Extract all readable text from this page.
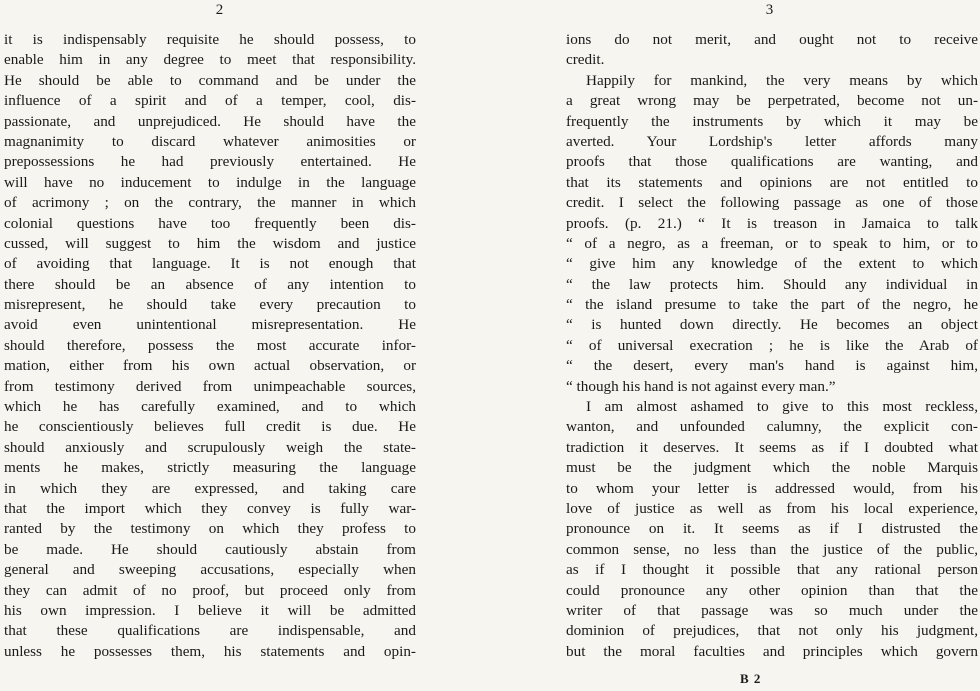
2
it is indispensably requisite he should possess, to
enable him in any degree to meet that responsibility.
He should be able to command and be under the
influence of a spirit and of a temper, cool, dis-
passionate, and unprejudiced. He should have the
magnanimity to discard whatever animosities or
prepossessions he had previously entertained. He
will have no inducement to indulge in the language
of acrimony ; on the contrary, the manner in which
colonial questions have too frequently been dis-
cussed, will suggest to him the wisdom and justice
of avoiding that language. It is not enough that
there should be an absence of any intention to
misrepresent, he should take every precaution to
avoid even unintentional misrepresentation. He
should therefore, possess the most accurate infor-
mation, either from his own actual observation, or
from testimony derived from unimpeachable sources,
which he has carefully examined, and to which
he conscientiously believes full credit is due. He
should anxiously and scrupulously weigh the state-
ments he makes, strictly measuring the language
in which they are expressed, and taking care
that the import which they convey is fully war-
ranted by the testimony on which they profess to
be made. He should cautiously abstain from
general and sweeping accusations, especially when
they can admit of no proof, but proceed only from
his own impression. I believe it will be admitted
that these qualifications are indispensable, and
unless he possesses them, his statements and opin-
3
ions do not merit, and ought not to receive
credit.
Happily for mankind, the very means by which
a great wrong may be perpetrated, become not un-
frequently the instruments by which it may be
averted. Your Lordship's letter affords many
proofs that those qualifications are wanting, and
that its statements and opinions are not entitled to
credit. I select the following passage as one of those
proofs. (p. 21.) “ It is treason in Jamaica to talk
“ of a negro, as a freeman, or to speak to him, or to
“ give him any knowledge of the extent to which
“ the law protects him. Should any individual in
“ the island presume to take the part of the negro, he
“ is hunted down directly. He becomes an object
“ of universal execration ; he is like the Arab of
“ the desert, every man's hand is against him,
“ though his hand is not against every man.”
I am almost ashamed to give to this most reckless,
wanton, and unfounded calumny, the explicit con-
tradiction it deserves. It seems as if I doubted what
must be the judgment which the noble Marquis
to whom your letter is addressed would, from his
love of justice as well as from his local experience,
pronounce on it. It seems as if I distrusted the
common sense, no less than the justice of the public,
as if I thought it possible that any rational person
could pronounce any other opinion than that the
writer of that passage was so much under the
dominion of prejudices, that not only his judgment,
but the moral faculties and principles which govern
B 2
